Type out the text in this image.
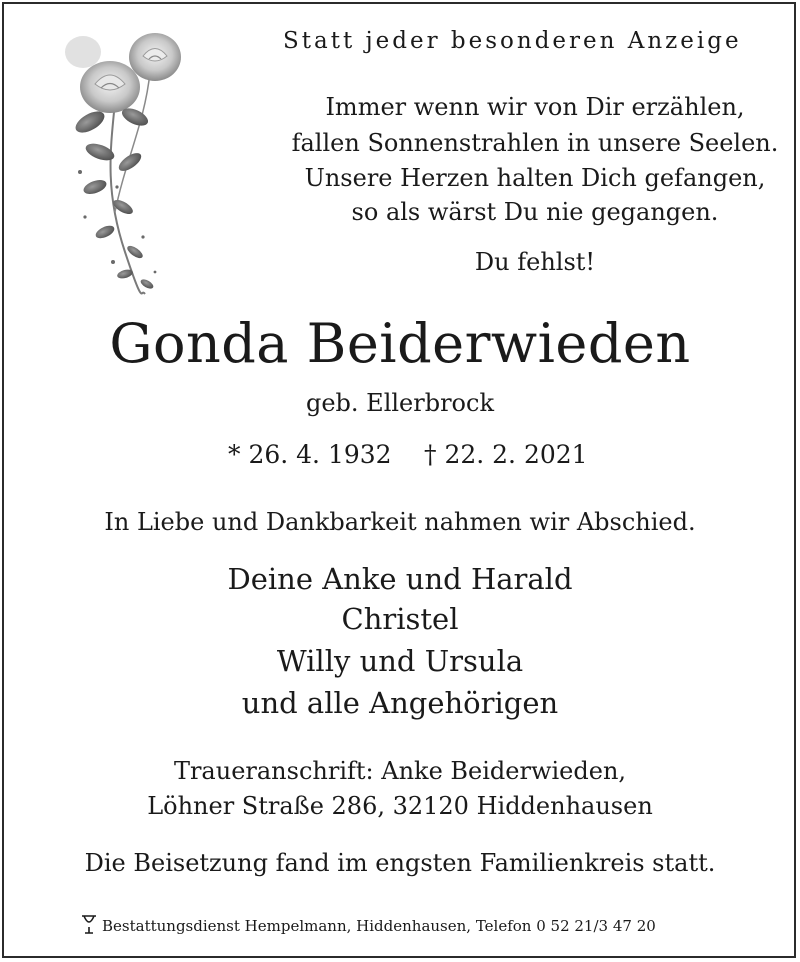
Statt jeder besonderen Anzeige
Immer wenn wir von Dir erzählen,
fallen Sonnenstrahlen in unsere Seelen.
Unsere Herzen halten Dich gefangen,
so als wärst Du nie gegangen.
Du fehlst!
Gonda Beiderwieden
geb. Ellerbrock
* 26. 4. 1932 † 22. 2. 2021
In Liebe und Dankbarkeit nahmen wir Abschied.
Deine Anke und Harald
Christel
Willy und Ursula
und alle Angehörigen
Traueranschrift: Anke Beiderwieden,
Löhner Straße 286, 32120 Hiddenhausen
Die Beisetzung fand im engsten Familienkreis statt.
Bestattungsdienst Hempelmann, Hiddenhausen, Telefon 0 52 21/3 47 20
